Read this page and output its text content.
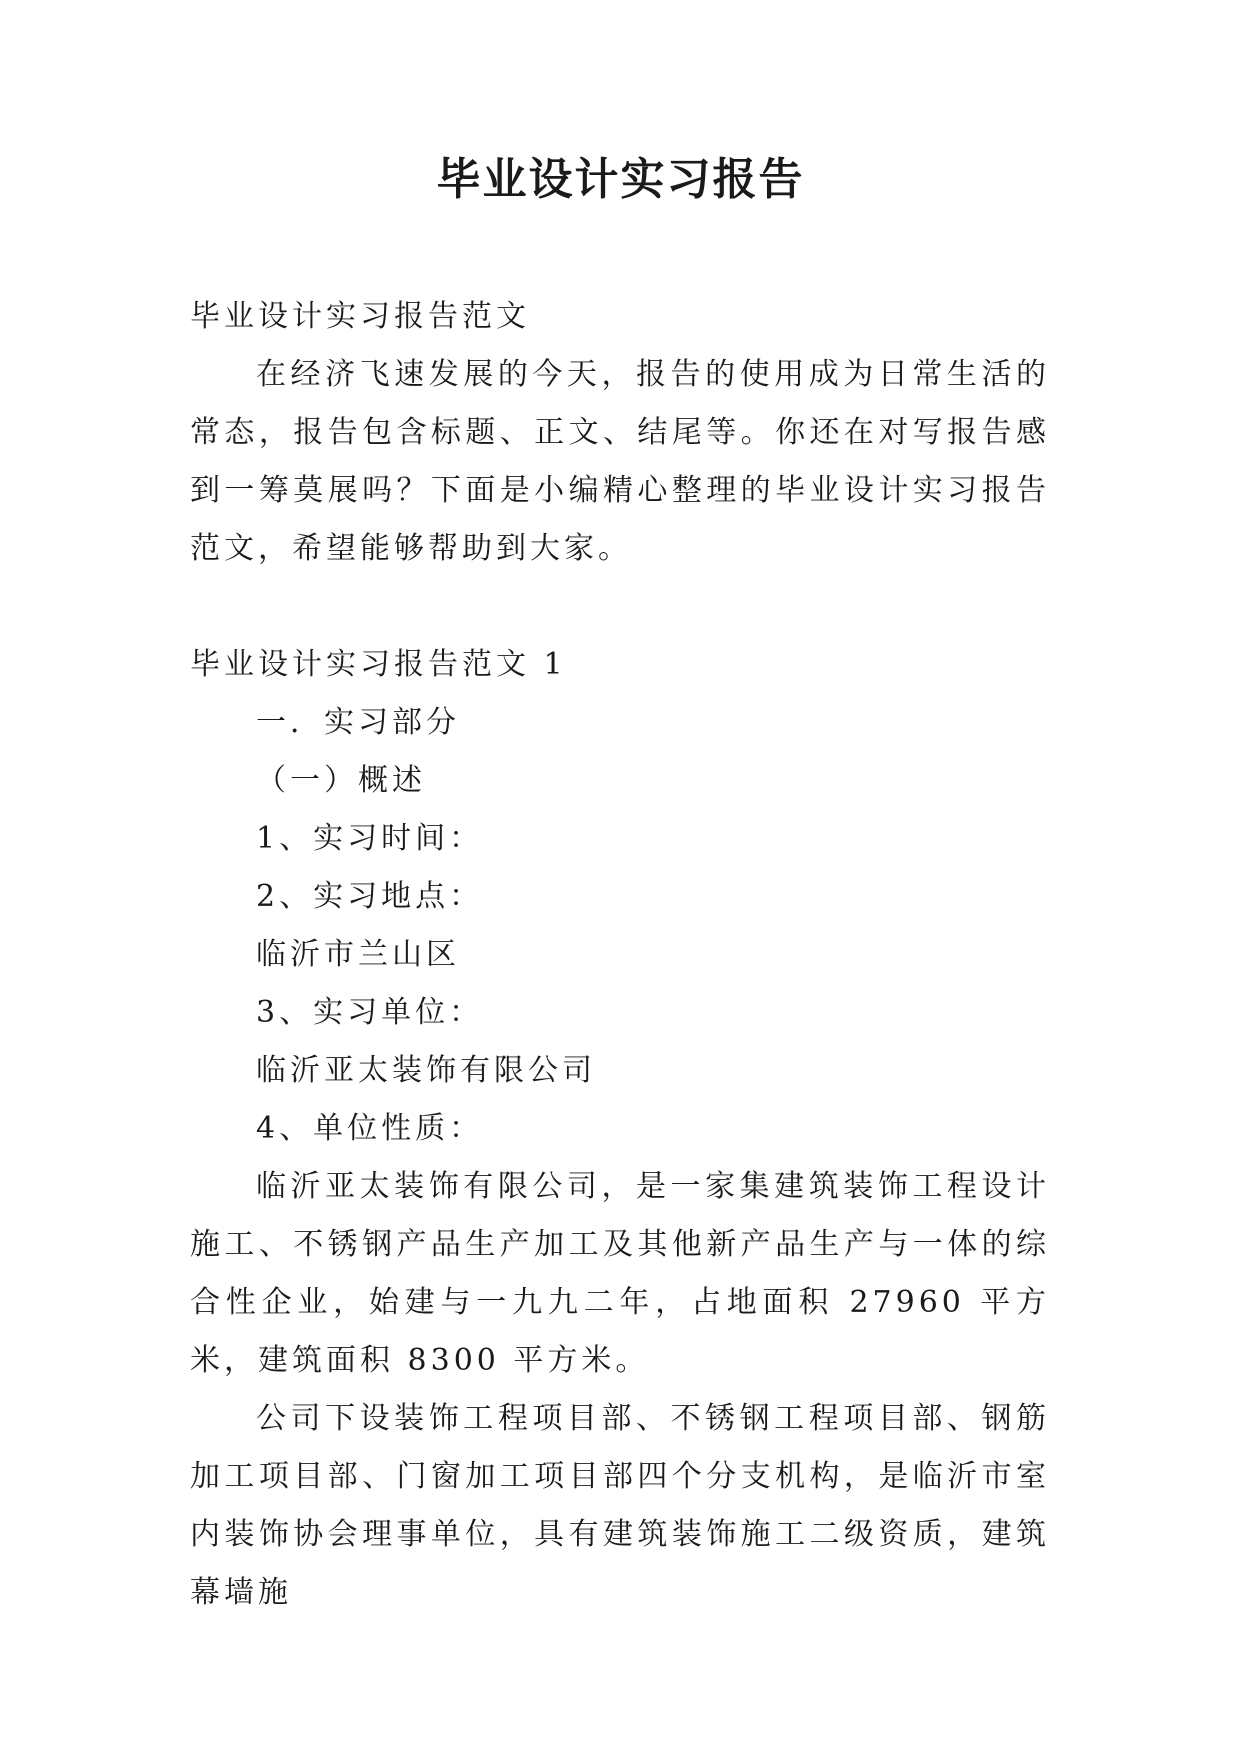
毕业设计实习报告

毕业设计实习报告范文

在经济飞速发展的今天，报告的使用成为日常生活的常态，报告包含标题、正文、结尾等。你还在对写报告感到一筹莫展吗？下面是小编精心整理的毕业设计实习报告范文，希望能够帮助到大家。

毕业设计实习报告范文 1

一．实习部分

（一）概述

1、实习时间：

2、实习地点：

临沂市兰山区

3、实习单位：

临沂亚太装饰有限公司

4、单位性质：

临沂亚太装饰有限公司，是一家集建筑装饰工程设计施工、不锈钢产品生产加工及其他新产品生产与一体的综合性企业，始建与一九九二年，占地面积 27960 平方米，建筑面积 8300 平方米。

公司下设装饰工程项目部、不锈钢工程项目部、钢筋加工项目部、门窗加工项目部四个分支机构，是临沂市室内装饰协会理事单位，具有建筑装饰施工二级资质，建筑幕墙施
